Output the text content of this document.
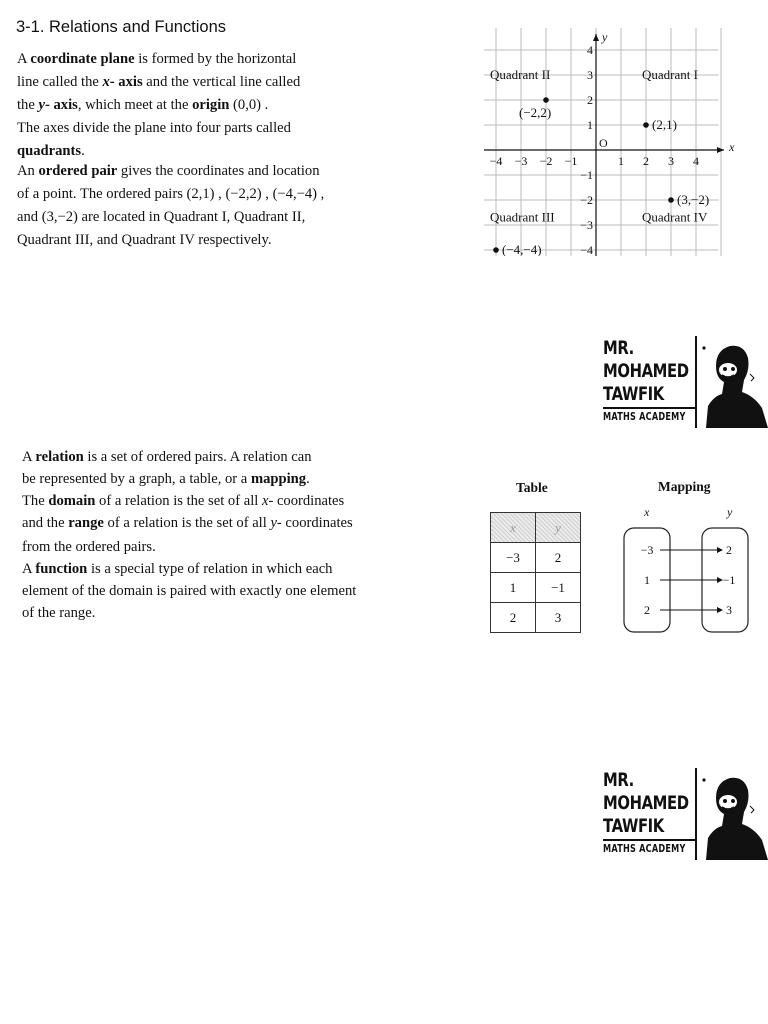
3-1. Relations and Functions

A coordinate plane is formed by the horizontal
line called the x- axis and the vertical line called
the y- axis, which meet at the origin (0,0) .
The axes divide the plane into four parts called
quadrants.

An ordered pair gives the coordinates and location
of a point. The ordered pairs (2,1) , (−2,2) , (−4,−4) ,
and (3,−2) are located in Quadrant I, Quadrant II,
Quadrant III, and Quadrant IV respectively.

A relation is a set of ordered pairs. A relation can
be represented by a graph, a table, or a mapping.
The domain of a relation is the set of all x- coordinates
and the range of a relation is the set of all y- coordinates
from the ordered pairs.
A function is a special type of relation in which each
element of the domain is paired with exactly one element
of the range.

x
y
−4 −3 −2 −1	1 2 3 4
4
3
2
1
−1
−2
−3
−4
O
Quadrant II	Quadrant I
Quadrant III	Quadrant IV
(2,1)
(−2,2)
(3,−2)
(−4,−4)
MR.
MOHAMED
TAWFIK
MATHS ACADEMY
MR.
MOHAMED
TAWFIK
MATHS ACADEMY
Table	Mapping
x	y
−3	2
1	−1
2	3
x	y
−3
1
2
2
−1
3
